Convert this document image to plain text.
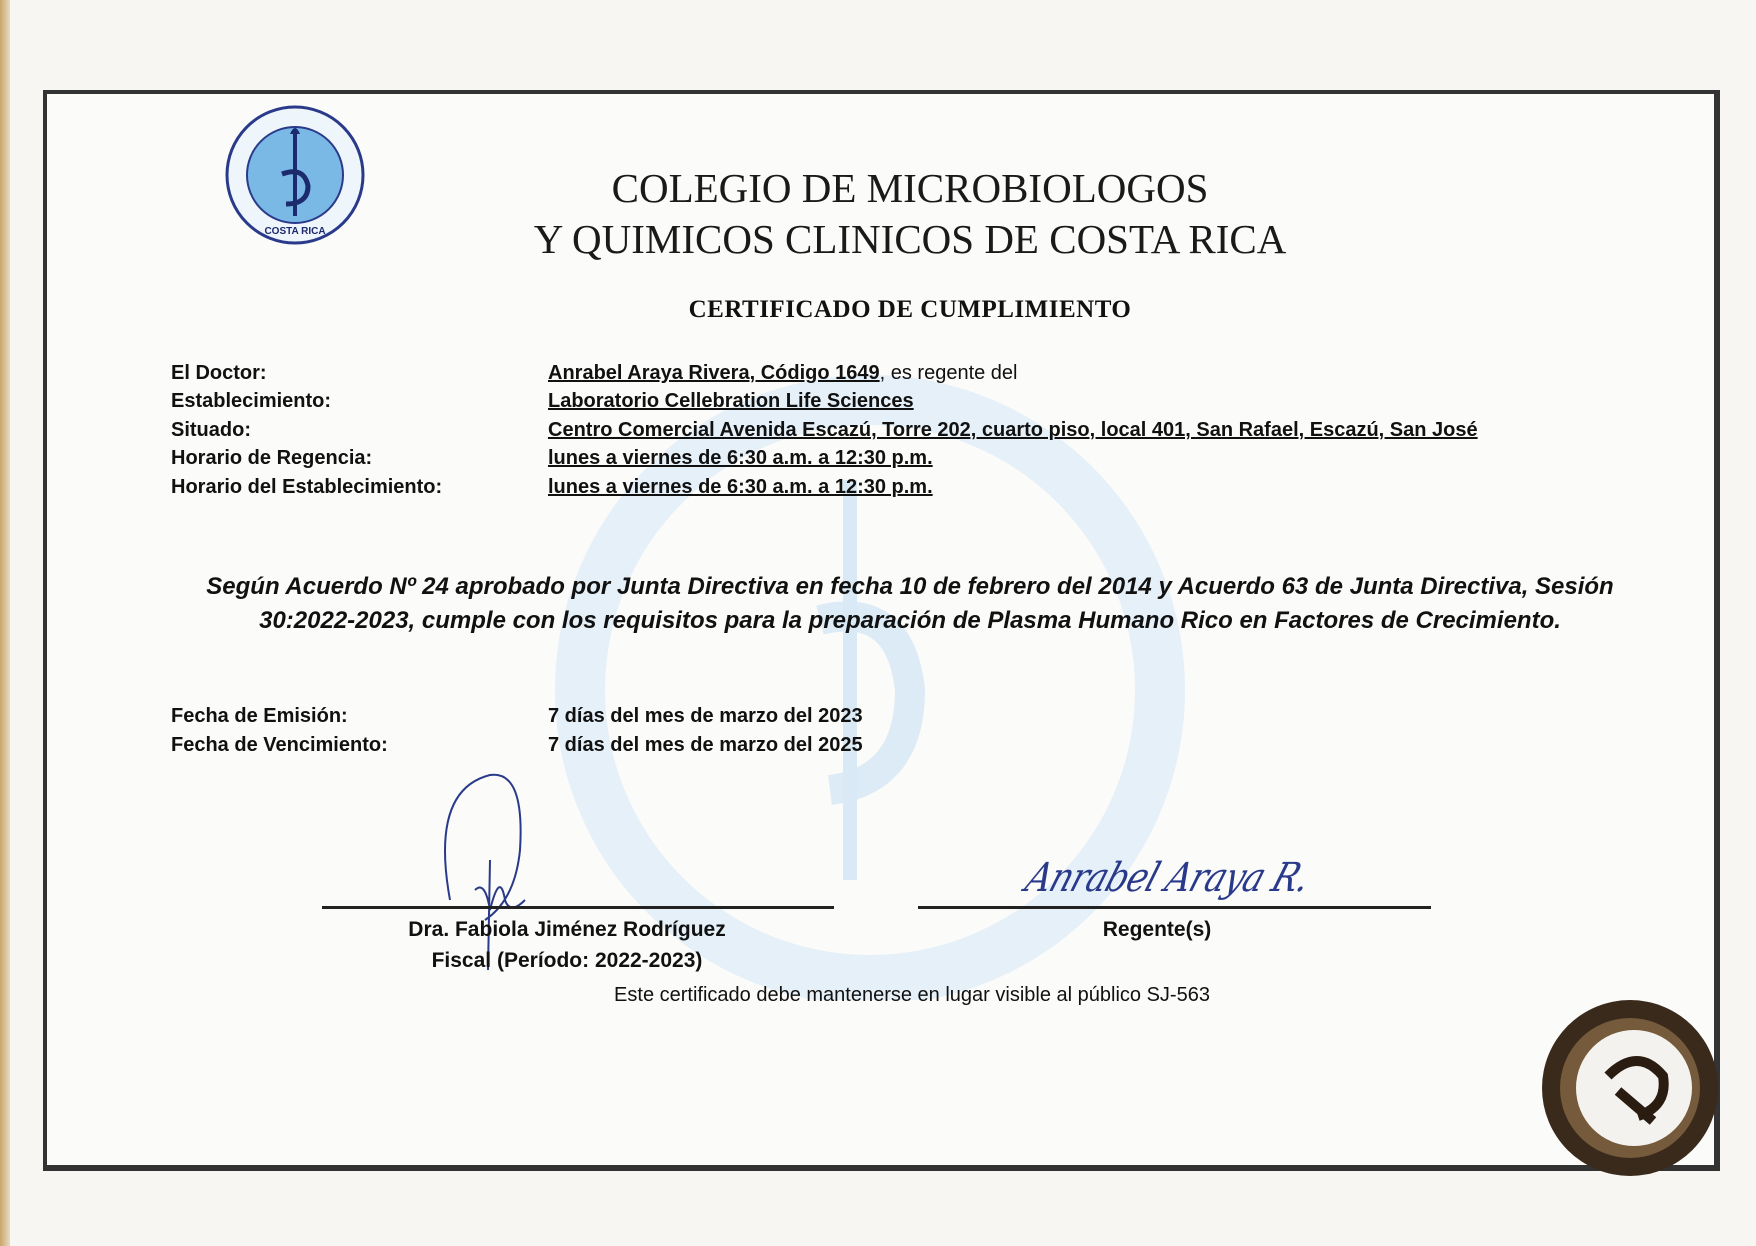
COSTA RICA
COLEGIO DE MICROBIOLOGOS
Y QUIMICOS CLINICOS DE COSTA RICA
CERTIFICADO DE CUMPLIMIENTO
El Doctor:	Anrabel Araya Rivera, Código 1649, es regente del
Establecimiento:	Laboratorio Cellebration Life Sciences
Situado:	Centro Comercial Avenida Escazú, Torre 202, cuarto piso, local 401, San Rafael, Escazú, San José
Horario de Regencia:	lunes a viernes de 6:30 a.m. a 12:30 p.m.
Horario del Establecimiento:	lunes a viernes de 6:30 a.m. a 12:30 p.m.
Según Acuerdo Nº 24 aprobado por Junta Directiva en fecha 10 de febrero del 2014 y Acuerdo 63 de Junta Directiva, Sesión 30:2022-2023, cumple con los requisitos para la preparación de Plasma Humano Rico en Factores de Crecimiento.
Fecha de Emisión:	7 días del mes de marzo del 2023
Fecha de Vencimiento:	7 días del mes de marzo del 2025
Dra. Fabiola Jiménez Rodríguez
Fiscal (Período: 2022-2023)
Anrabel Araya R.
Regente(s)
Este certificado debe mantenerse en lugar visible al público SJ-563
